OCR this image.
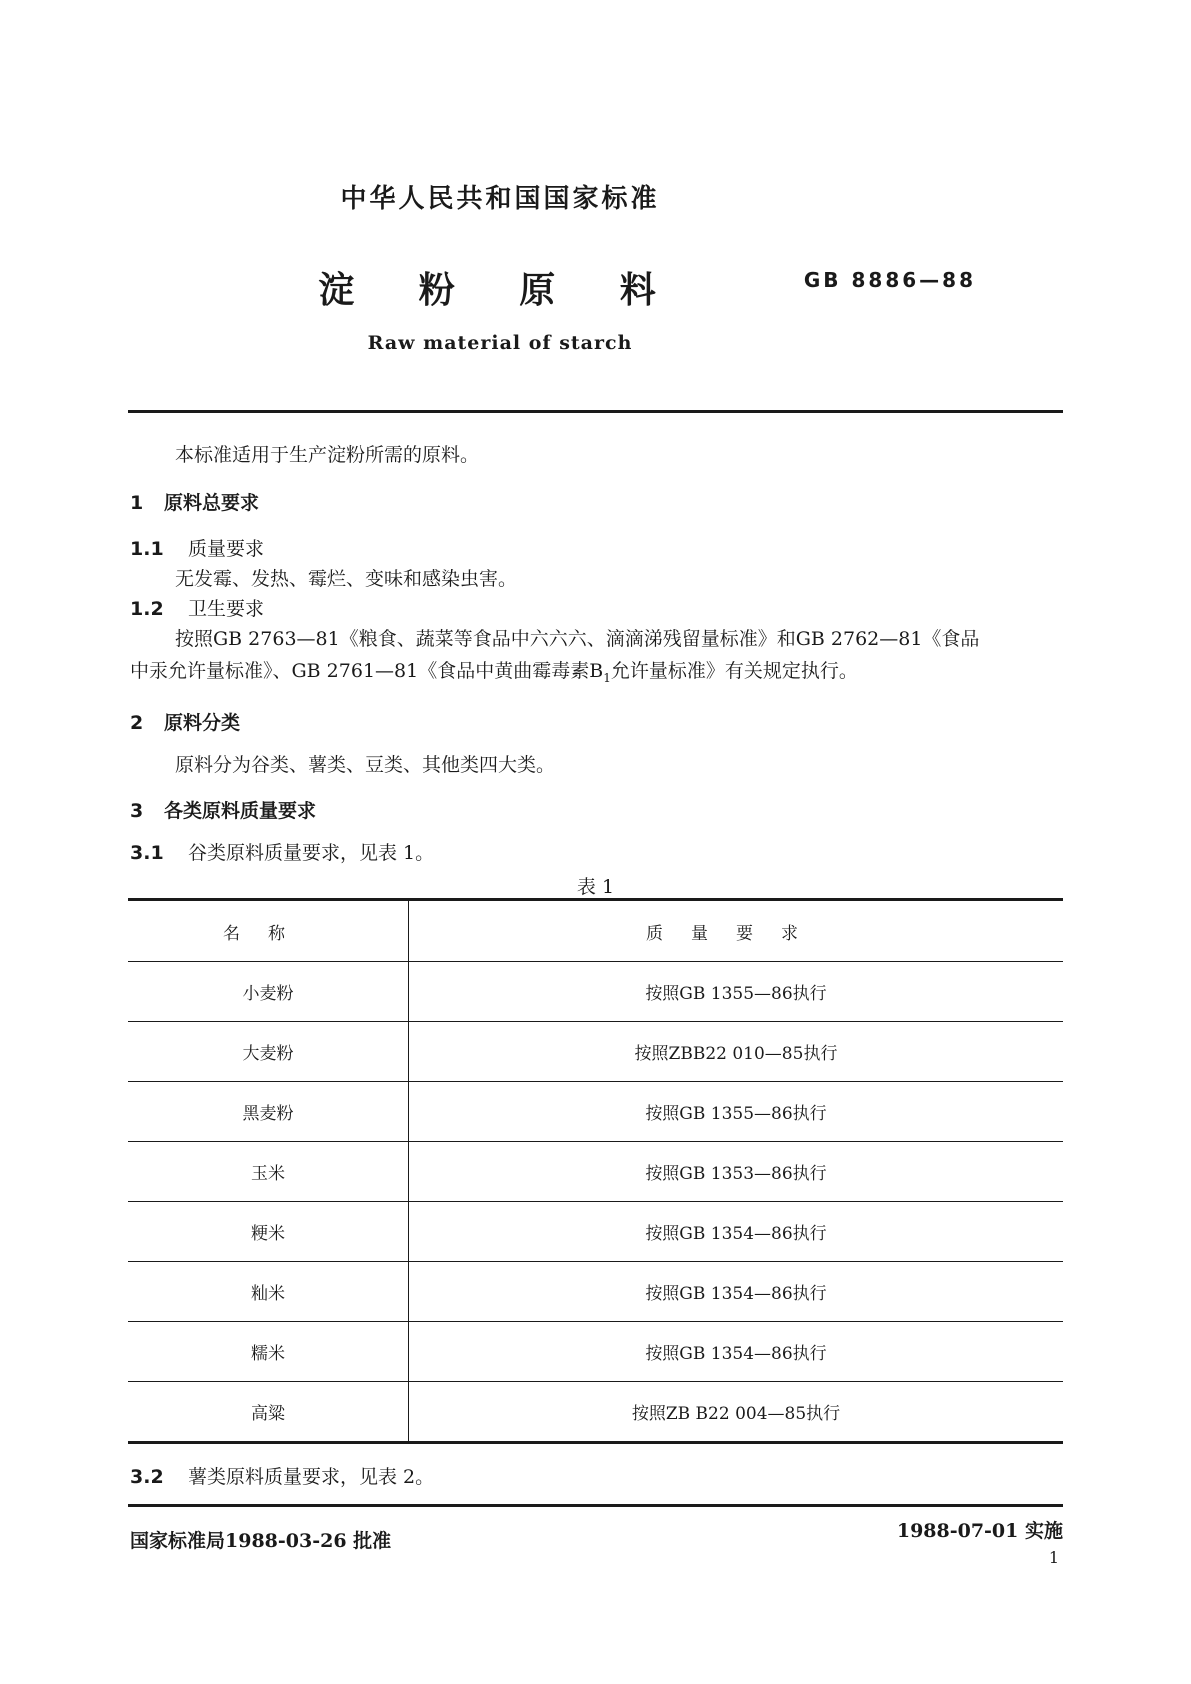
中华人民共和国国家标准
淀 粉 原 料	GB 8886—88
Raw material of starch
本标准适用于生产淀粉所需的原料。
1 原料总要求
1.1 质量要求
无发霉、发热、霉烂、变味和感染虫害。
1.2 卫生要求
按照GB 2763—81《粮食、蔬菜等食品中六六六、滴滴涕残留量标准》和GB 2762—81《食品
中汞允许量标准》、GB 2761—81《食品中黄曲霉毒素$B_1$允许量标准》有关规定执行。
2 原料分类
原料分为谷类、薯类、豆类、其他类四大类。
3 各类原料质量要求
3.1 谷类原料质量要求，见表 1。
表 1
名称	质量要求
小麦粉	按照GB 1355—86执行
大麦粉	按照ZBB22 010—85执行
黑麦粉	按照GB 1355—86执行
玉米	按照GB 1353—86执行
粳米	按照GB 1354—86执行
籼米	按照GB 1354—86执行
糯米	按照GB 1354—86执行
高粱	按照ZB B22 004—85执行
3.2 薯类原料质量要求，见表 2。
国家标准局1988-03-26 批准	1988-07-01 实施
1
